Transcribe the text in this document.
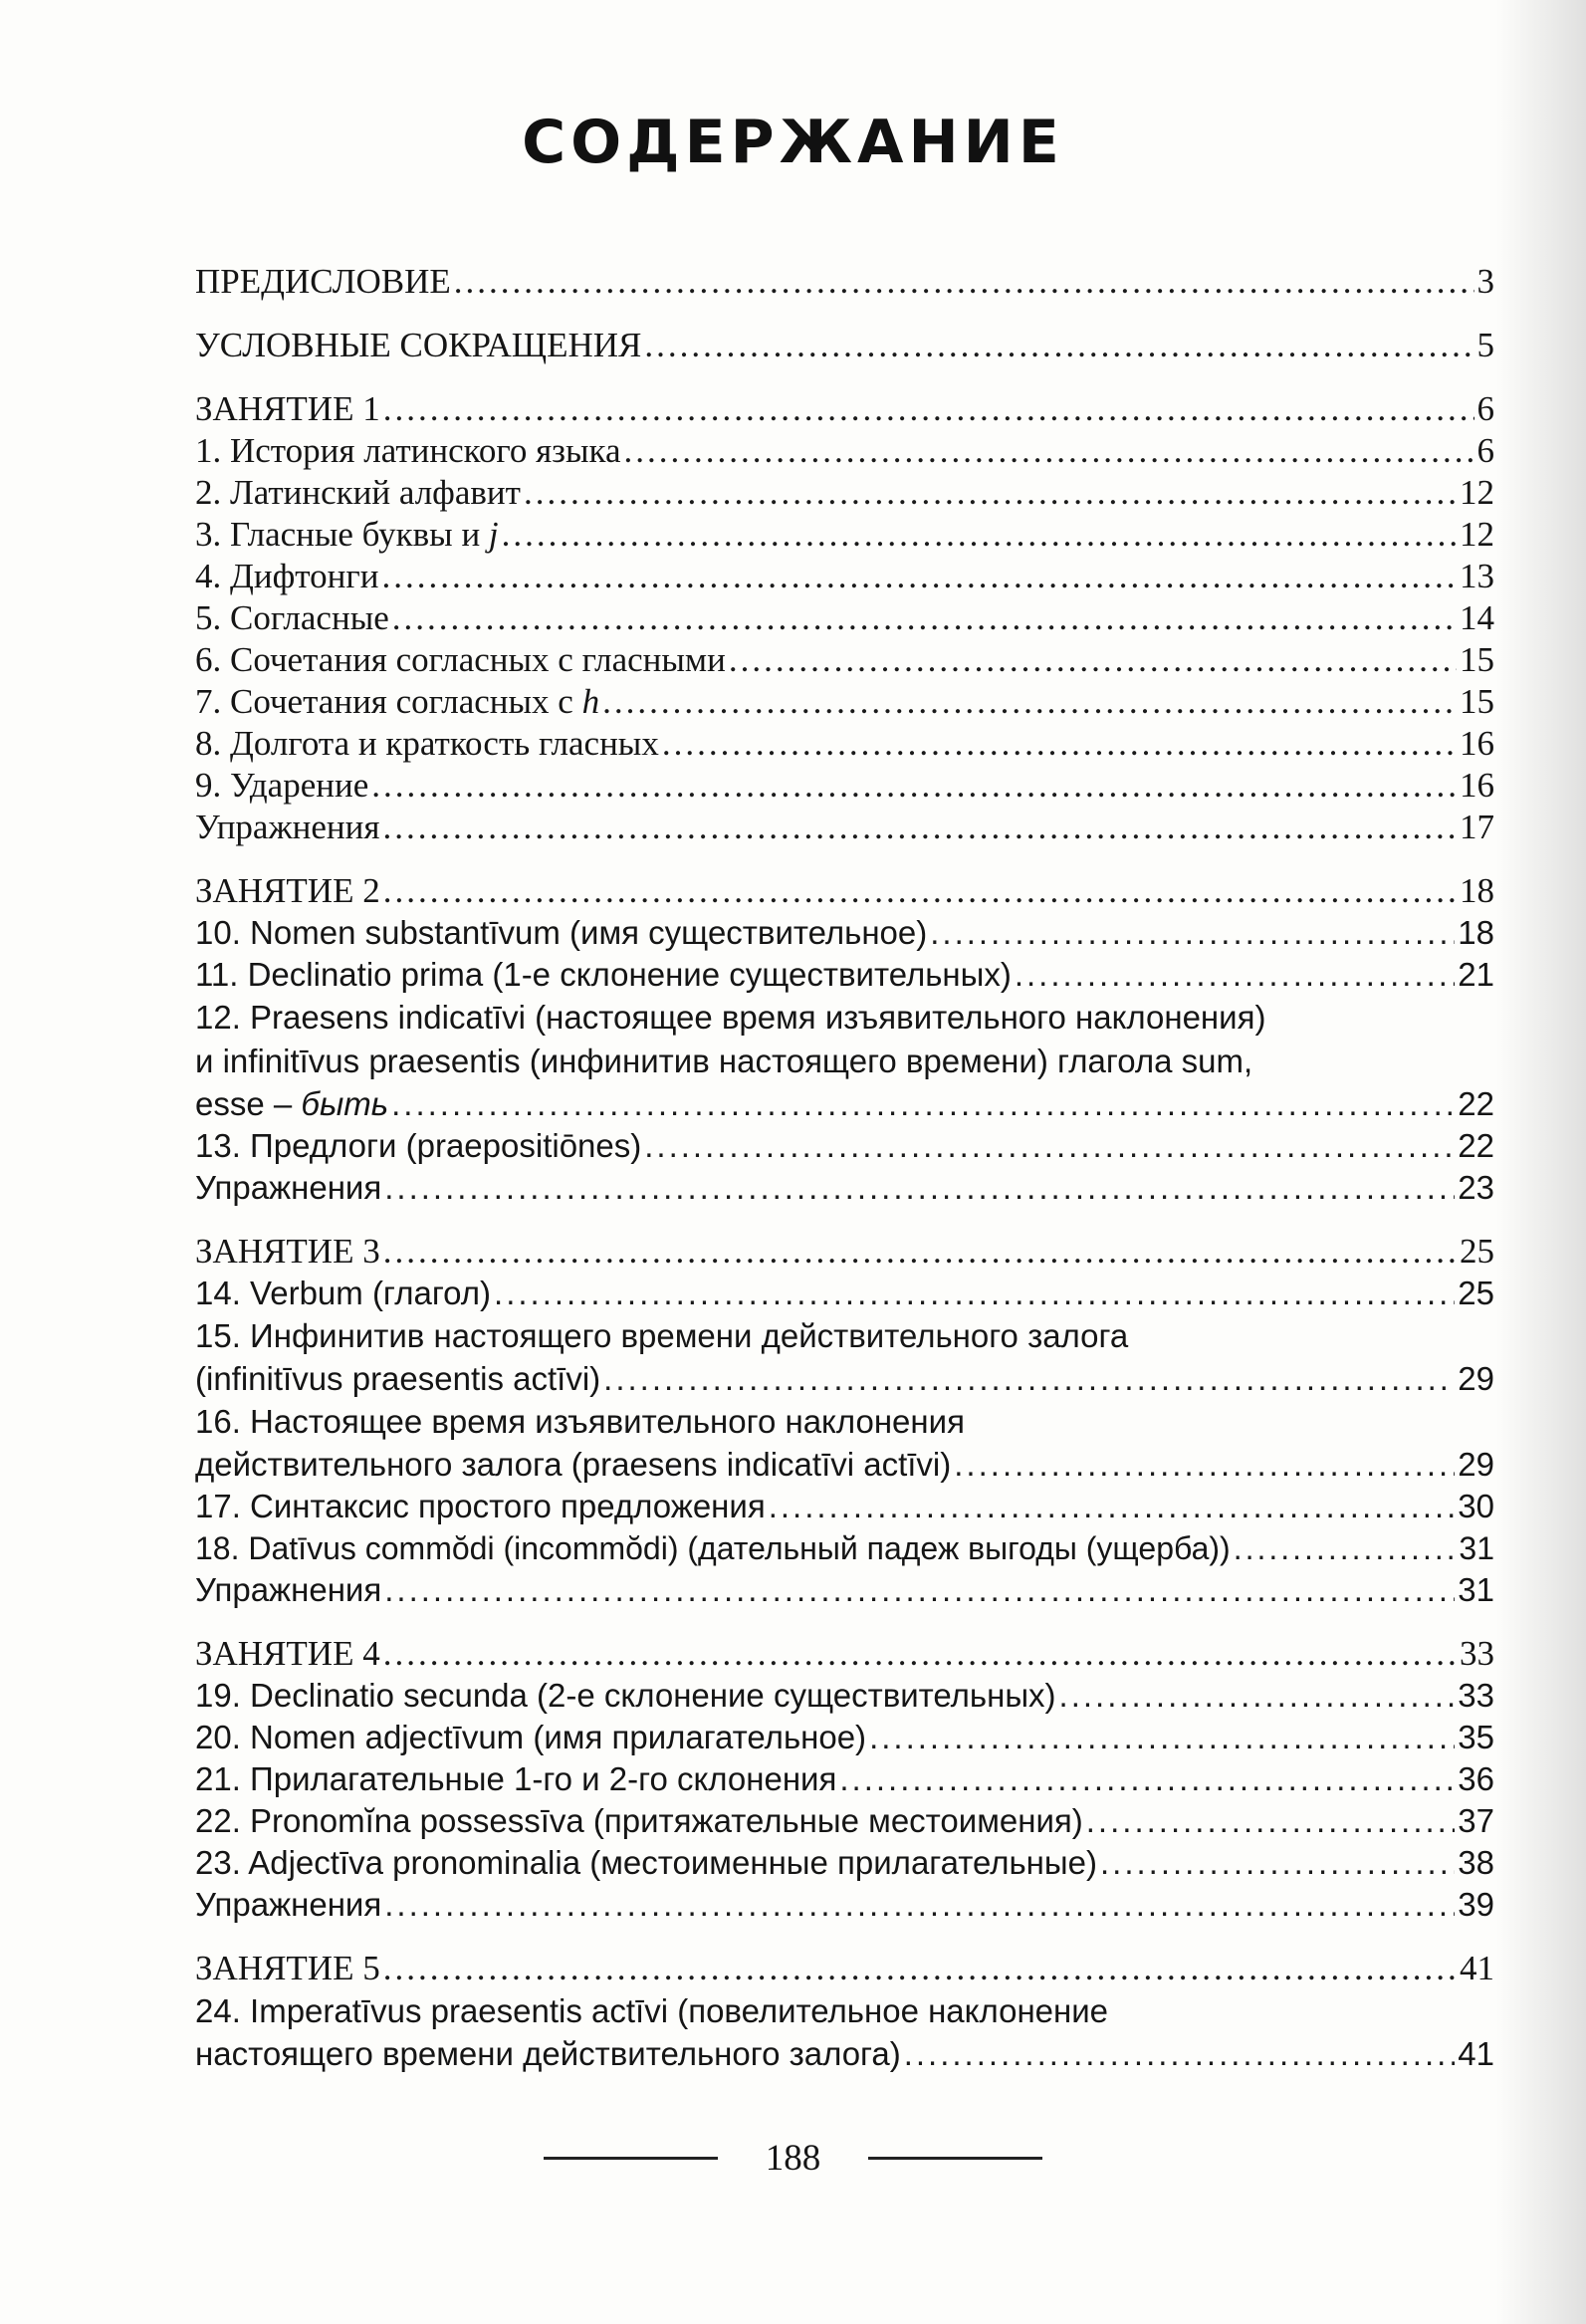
СОДЕРЖАНИЕ
ПРЕДИСЛОВИЕ .....	3
УСЛОВНЫЕ СОКРАЩЕНИЯ .....	5
ЗАНЯТИЕ 1 .....	6
1. История латинского языка .....	6
2. Латинский алфавит .....	12
3. Гласные буквы и j .....	12
4. Дифтонги .....	13
5. Согласные .....	14
6. Сочетания согласных с гласными .....	15
7. Сочетания согласных с h .....	15
8. Долгота и краткость гласных .....	16
9. Ударение .....	16
Упражнения .....	17
ЗАНЯТИЕ 2 .....	18
10. Nomen substantīvum (имя существительное) .....	18
11. Declinatio prima (1-е склонение существительных) .....	21
12. Praesens indicatīvi (настоящее время изъявительного наклонения)
и infinitīvus praesentis (инфинитив настоящего времени) глагола sum,
esse – быть .....	22
13. Предлоги (praepositiōnes) .....	22
Упражнения .....	23
ЗАНЯТИЕ 3 .....	25
14. Verbum (глагол) .....	25
15. Инфинитив настоящего времени действительного залога
(infinitīvus praesentis actīvi) .....	29
16. Настоящее время изъявительного наклонения
действительного залога (praesens indicatīvi actīvi) .....	29
17. Синтаксис простого предложения .....	30
18. Datīvus commŏdi (incommŏdi) (дательный падеж выгоды (ущерба)) .....	31
Упражнения .....	31
ЗАНЯТИЕ 4 .....	33
19. Declinatio secunda (2-е склонение существительных) .....	33
20. Nomen adjectīvum (имя прилагательное) .....	35
21. Прилагательные 1-го и 2-го склонения .....	36
22. Pronomĭna possessīva (притяжательные местоимения) .....	37
23. Adjectīva pronominalia (местоименные прилагательные) .....	38
Упражнения .....	39
ЗАНЯТИЕ 5 .....	41
24. Imperatīvus praesentis actīvi (повелительное наклонение
настоящего времени действительного залога) .....	41
188
